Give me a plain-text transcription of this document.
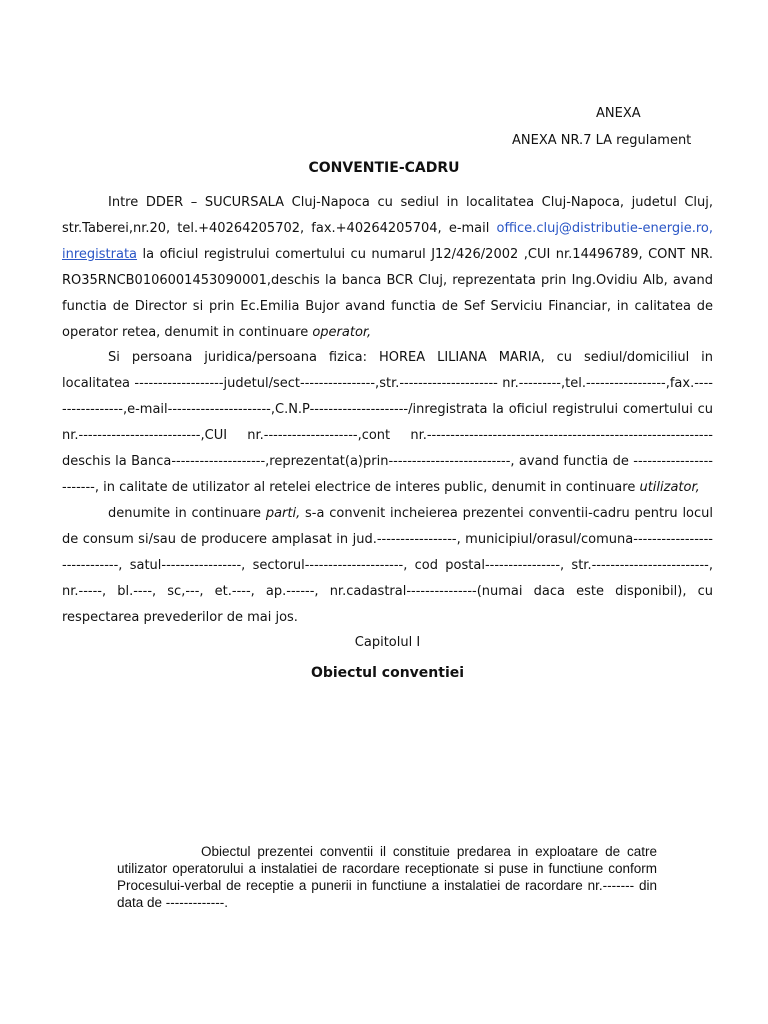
ANEXA
ANEXA NR.7 LA regulament
CONVENTIE-CADRU

Intre DDER – SUCURSALA Cluj-Napoca cu sediul in localitatea Cluj-Napoca, judetul Cluj, str.Taberei,nr.20, tel.+40264205702, fax.+40264205704, e-mail office.cluj@distributie-energie.ro, inregistrata la oficiul registrului comertului cu numarul J12/426/2002 ,CUI nr.14496789, CONT NR. RO35RNCB0106001453090001,deschis la banca BCR Cluj, reprezentata prin Ing.Ovidiu Alb, avand functia de Director si prin Ec.Emilia Bujor avand functia de Sef Serviciu Financiar, in calitatea de operator retea, denumit in continuare operator,

Si persoana juridica/persoana fizica: HOREA LILIANA MARIA, cu sediul/domiciliul in localitatea -------------------judetul/sect----------------,str.--------------------- nr.---------,tel.-----------------,fax.-----------------,e-mail----------------------,C.N.P---------------------/inregistrata la oficiul registrului comertului cu nr.--------------------------,CUI nr.--------------------,cont nr.-------------------------------------------------------------deschis la Banca--------------------,reprezentat(a)prin--------------------------, avand functia de ------------------------, in calitate de utilizator al retelei electrice de interes public, denumit in continuare utilizator,

denumite in continuare parti, s-a convenit incheierea prezentei conventii-cadru pentru locul de consum si/sau de producere amplasat in jud.-----------------, municipiul/orasul/comuna-----------------------------, satul-----------------, sectorul---------------------, cod postal----------------, str.-------------------------, nr.-----, bl.----, sc,---, et.----, ap.------, nr.cadastral---------------(numai daca este disponibil), cu respectarea prevederilor de mai jos.

Capitolul I

Obiectul conventiei

Obiectul prezentei conventii il constituie predarea in exploatare de catre utilizator operatorului a instalatiei de racordare receptionate si puse in functiune conform Procesului-verbal de receptie a punerii in functiune a instalatiei de racordare nr.------- din data de -------------.
